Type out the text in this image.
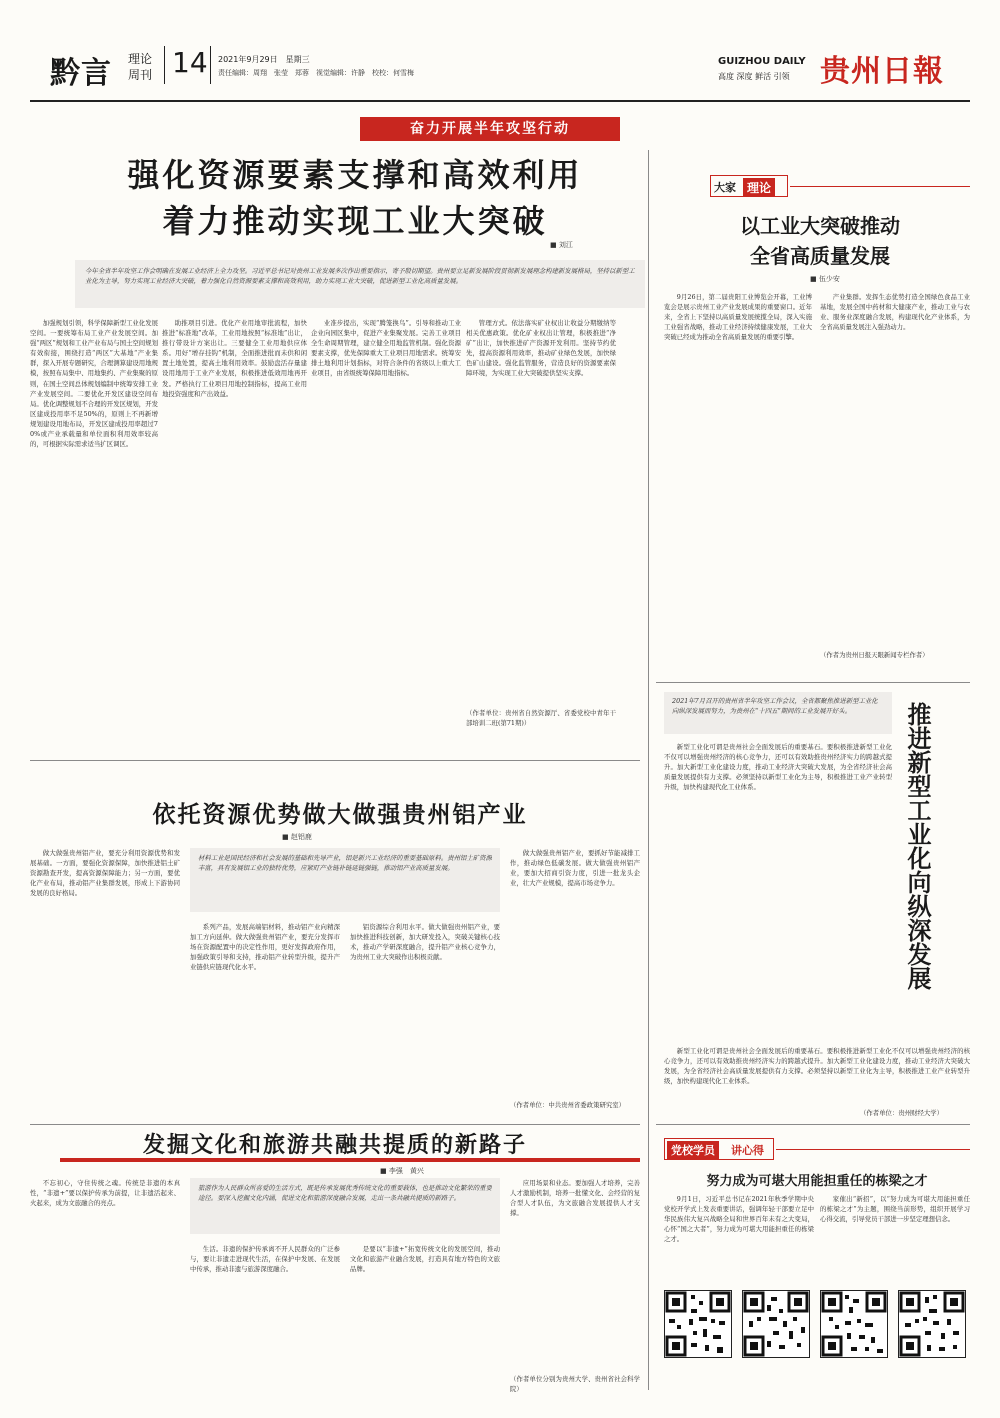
黔言 理论
周刊 14 2021年9月29日　星期三
责任编辑：周翔　张莹　郑蓉　视觉编辑：许静　校校：何雪梅
GUIZHOU DAILY
高度 深度 鲜活 引领 贵州日報
奋力开展半年攻坚行动
强化资源要素支撑和高效利用
着力推动实现工业大突破
■ 刘江
今年全省半年攻坚工作会明确在发展工业经济上全力攻坚。习近平总书记对贵州工业发展多次作出重要指示，寄予殷切期望。贵州要立足新发展阶段贯彻新发展理念构建新发展格局，坚持以新型工业化为主导，努力实现工业经济大突破，着力强化自然资源要素支撑和高效利用，助力实现工业大突破，促进新型工业化高质量发展。

加强规划引领，科学保障新型工业化发展空间。一要统筹布局工业产业发展空间。加强“两区”规划和工业产业布局与国土空间规划有效衔接，围绕打造“两区”大基地“产业集群，探入开展专题研究，合理测算建设用地规模，按照布局集中、用地集约、产业集聚的原则，在国土空间总体规划编制中统筹安排工业产业发展空间。二要优化开发区建设空间布局。优化调整规划不合理的开发区规划，开发区建成投用率不足50%的，原则上不再新增规划建设用地布局，开发区建成投用率超过70%或产业承载量和单位面积利用效率较高的，可根据实际需求适当扩区调区。

助推项目引进。优化产业用地审批流程，加快推进“标准地”改革，工业用地按照“标准地”出让，推行带设计方案出让。三要健全工业用地供应体系。用好“增存挂钩”机制，全面推进批而未供和闲置土地处置，提高土地利用效率。鼓励盘活存量建设用地用于工业产业发展，积极推进低效用地再开发。严格执行工业项目用地控制指标，提高工业用地投资强度和产出效益。

业准步提出，实现“腾笼换鸟”。引导和推动工业企业向园区集中，促进产业集聚发展。完善工业项目全生命周期管理，建立健全用地监管机制。强化资源要素支撑，优先保障重大工业项目用地需求。统筹安排土地利用计划指标，对符合条件的省级以上重大工业项目，由省级统筹保障用地指标。

管理方式。依法落实矿业权出让收益分期缴纳等相关优惠政策。优化矿业权出让管理，积极推进“净矿”出让，加快推进矿产资源开发利用。坚持节约优先，提高资源利用效率，推动矿业绿色发展，加快绿色矿山建设。强化监管服务，营造良好的资源要素保障环境，为实现工业大突破提供坚实支撑。

（作者单位：贵州省自然资源厅、省委党校中青年干部培训二班(第71期)）
依托资源优势做大做强贵州铝产业
■ 赵铝鹿
材料工业是国民经济和社会发展的基础和先导产业，铝是新兴工业经济的重要基础原料。贵州铝土矿资源丰富，具有发展铝工业的独特优势，应紧盯产业链补链延链强链，推动铝产业高质量发展。

做大做强贵州铝产业，要充分利用资源优势和发展基础。一方面，要强化资源保障，加快推进铝土矿资源勘查开发，提高资源保障能力；另一方面，要优化产业布局，推动铝产业集群发展，形成上下游协同发展的良好格局。

系列产品，发展高端铝材料，推动铝产业向精深加工方向延伸。做大做强贵州铝产业，要充分发挥市场在资源配置中的决定性作用，更好发挥政府作用，加强政策引导和支持，推动铝产业转型升级，提升产业链供应链现代化水平。

铝资源综合利用水平。做大做强贵州铝产业，要加快推进科技创新，加大研发投入，突破关键核心技术，推动产学研深度融合，提升铝产业核心竞争力，为贵州工业大突破作出积极贡献。

做大做强贵州铝产业，要抓好节能减排工作，推动绿色低碳发展。做大做强贵州铝产业，要加大招商引资力度，引进一批龙头企业，壮大产业规模，提高市场竞争力。

（作者单位：中共贵州省委政策研究室）
发掘文化和旅游共融共提质的新路子
■ 李强　黄兴
旅游作为人民群众所喜爱的生活方式，既是传承发展优秀传统文化的重要载体，也是推动文化繁荣的重要途径。要深入挖掘文化内涵，促进文化和旅游深度融合发展，走出一条共融共提质的新路子。

不忘初心，守住传统之魂。传统是非遗的本真性，“非遗+”要以保护传承为前提，让非遗活起来、火起来，成为文旅融合的亮点。

生活。非遗的保护传承离不开人民群众的广泛参与，要让非遗走进现代生活，在保护中发展、在发展中传承，推动非遗与旅游深度融合。

是要以“非遗+”拓宽传统文化的发展空间，推动文化和旅游产业融合发展，打造具有地方特色的文旅品牌。

应用场景和业态。要加强人才培养，完善人才激励机制，培养一批懂文化、会经营的复合型人才队伍，为文旅融合发展提供人才支撑。

（作者单位分别为贵州大学、贵州省社会科学院）
大家 理论
以工业大突破推动
全省高质量发展
■ 伍少安

9月26日，第二届贵阳工业博览会开幕，工业博览会是展示贵州工业产业发展成果的重要窗口。近年来，全省上下坚持以高质量发展统揽全局，深入实施工业强省战略，推动工业经济持续健康发展，工业大突破已经成为推动全省高质量发展的重要引擎。

产业集群。发挥生态优势打造全国绿色食品工业基地，发展全国中药材和大健康产业，推动工业与农业、服务业深度融合发展，构建现代化产业体系，为全省高质量发展注入强劲动力。

（作者为贵州日报天眼新闻专栏作者）
2021年7月召开的贵州省半年攻坚工作会议，全省都聚焦推进新型工业化向纵深发展而努力，为贵州在“十四五”期间的工业发展开好头。	推进新型工业化向纵深发展

新型工业化可谓是贵州社会全面发展后的重要基石。要积极推进新型工业化不仅可以增强贵州经济的核心竞争力，还可以有效助推贵州经济实力的跨越式提升。加大新型工业化建设力度，推动工业经济大突破大发展，为全省经济社会高质量发展提供有力支撑。必须坚持以新型工业化为主导，积极推进工业产业转型升级，加快构建现代化工业体系。

新型工业化可谓是贵州社会全面发展后的重要基石。要积极推进新型工业化不仅可以增强贵州经济的核心竞争力，还可以有效助推贵州经济实力的跨越式提升。加大新型工业化建设力度，推动工业经济大突破大发展，为全省经济社会高质量发展提供有力支撑。必须坚持以新型工业化为主导，积极推进工业产业转型升级，加快构建现代化工业体系。

（作者单位：贵州财经大学）
党校学员	讲心得
努力成为可堪大用能担重任的栋梁之才

9月1日，习近平总书记在2021年秋季学期中央党校开学式上发表重要讲话，强调年轻干部要立足中华民族伟大复兴战略全局和世界百年未有之大变局，心怀“国之大者”，努力成为可堪大用能担重任的栋梁之才。

家催出“新招”，以“努力成为可堪大用能担重任的栋梁之才”为主题，围绕当前形势，组织开展学习心得交流，引导党员干部进一步坚定理想信念。
